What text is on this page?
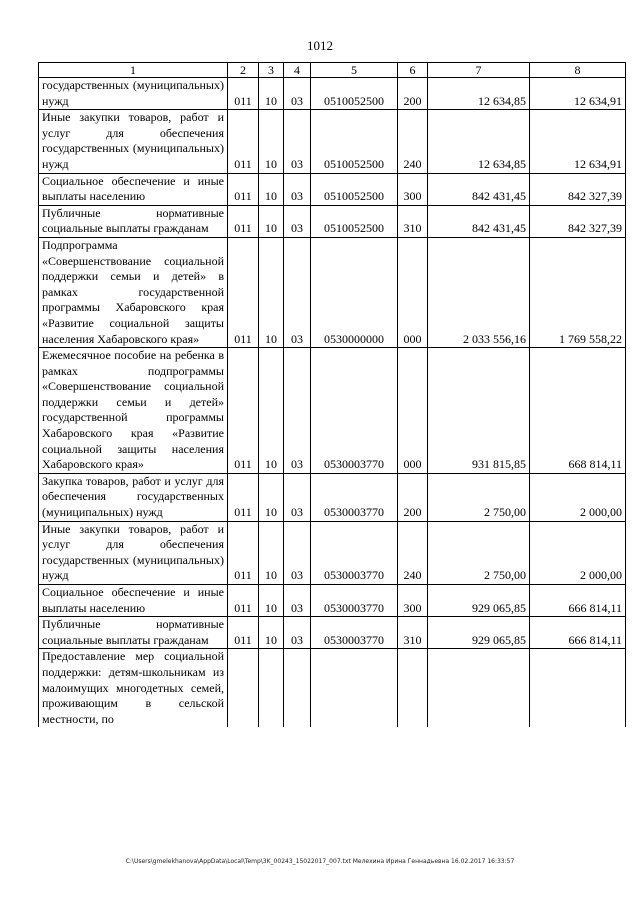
1012
1	2	3	4	5	6	7	8
государственных (муниципальных) нужд	011	10	03	0510052500	200	12 634,85	12 634,91
Иные закупки товаров, работ и услуг для обеспечения государственных (муниципальных) нужд	011	10	03	0510052500	240	12 634,85	12 634,91
Социальное обеспечение и иные выплаты населению	011	10	03	0510052500	300	842 431,45	842 327,39
Публичные нормативные социальные выплаты гражданам	011	10	03	0510052500	310	842 431,45	842 327,39
Подпрограмма «Совершенствование социальной поддержки семьи и детей» в рамках государственной программы Хабаровского края «Развитие социальной защиты населения Хабаровского края»	011	10	03	0530000000	000	2 033 556,16	1 769 558,22
Ежемесячное пособие на ребенка в рамках подпрограммы «Совершенствование социальной поддержки семьи и детей» государственной программы Хабаровского края «Развитие социальной защиты населения Хабаровского края»	011	10	03	0530003770	000	931 815,85	668 814,11
Закупка товаров, работ и услуг для обеспечения государственных (муниципальных) нужд	011	10	03	0530003770	200	2 750,00	2 000,00
Иные закупки товаров, работ и услуг для обеспечения государственных (муниципальных) нужд	011	10	03	0530003770	240	2 750,00	2 000,00
Социальное обеспечение и иные выплаты населению	011	10	03	0530003770	300	929 065,85	666 814,11
Публичные нормативные социальные выплаты гражданам	011	10	03	0530003770	310	929 065,85	666 814,11
Предоставление мер социальной поддержки: детям-школьникам из малоимущих многодетных семей, проживающим в сельской местности, по							
C:\Users\gmelekhanova\AppData\Local\Temp\3K_00243_15022017_007.txt Мелехина Ирина Геннадьевна 16.02.2017 16:33:57
